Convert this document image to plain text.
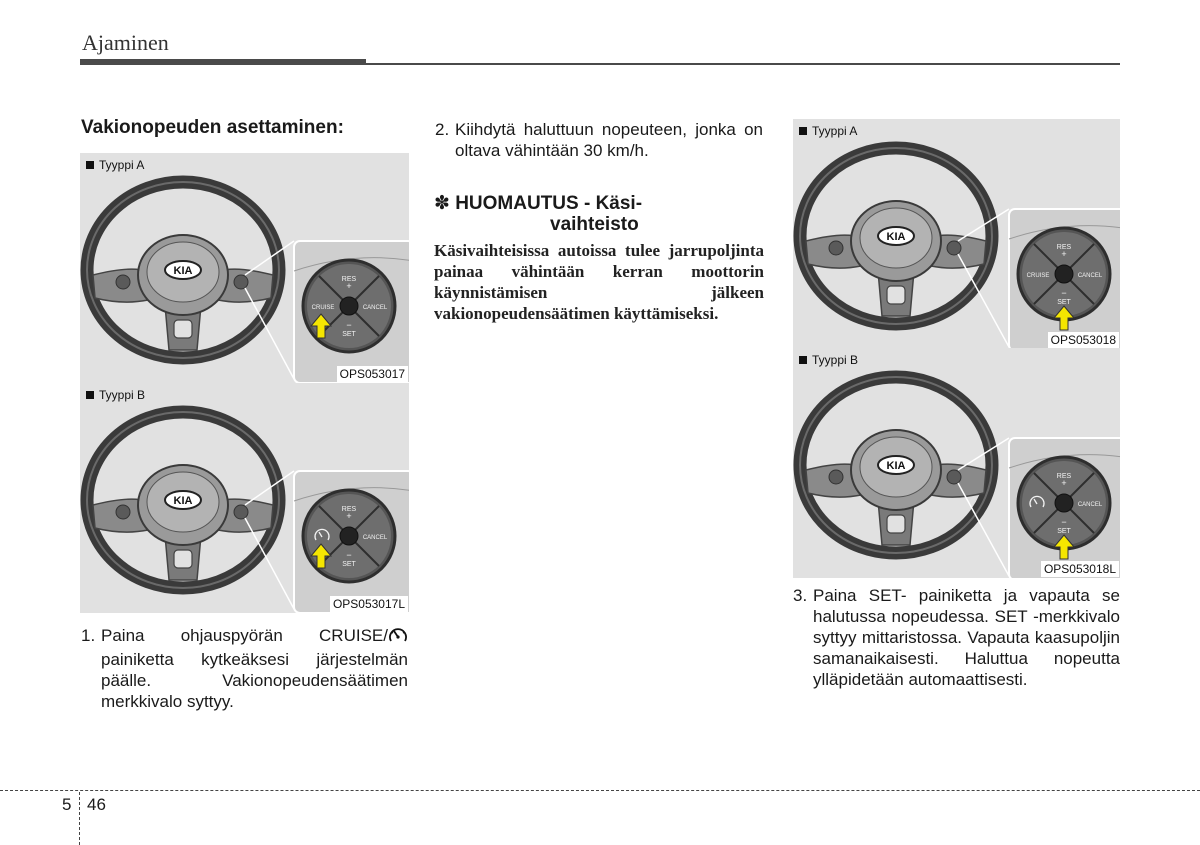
Ajaminen
Vakionopeuden asettaminen:
KIA
RES
+
CANCEL
−
SET
CRUISE
Tyyppi A
OPS053017
KIA
RES
+
CANCEL
−
SET
Tyyppi B
OPS053017L
KIA
RES
+
CANCEL
−
SET
CRUISE
Tyyppi A
OPS053018
KIA
RES
+
CANCEL
−
SET
Tyyppi B
OPS053018L
1. Paina ohjauspyörän CRUISE/ painiketta kytkeäksesi järjestelmän päälle. Vakionopeudensäätimen merkkivalo syttyy.
2. Kiihdytä haluttuun nopeuteen, jonka on oltava vähintään 30 km/h.
✽ HUOMAUTUS - Käsi-
vaihteisto
Käsivaihteisissa autoissa tulee jarrupoljinta painaa vähintään kerran moottorin käynnistämisen jälkeen vakionopeudensäätimen käyttämiseksi.
3. Paina SET- painiketta ja vapauta se halutussa nopeudessa. SET -merkkivalo syttyy mittaristossa. Vapauta kaasupoljin samanaikaisesti. Haluttua nopeutta ylläpidetään automaattisesti.
5 46
